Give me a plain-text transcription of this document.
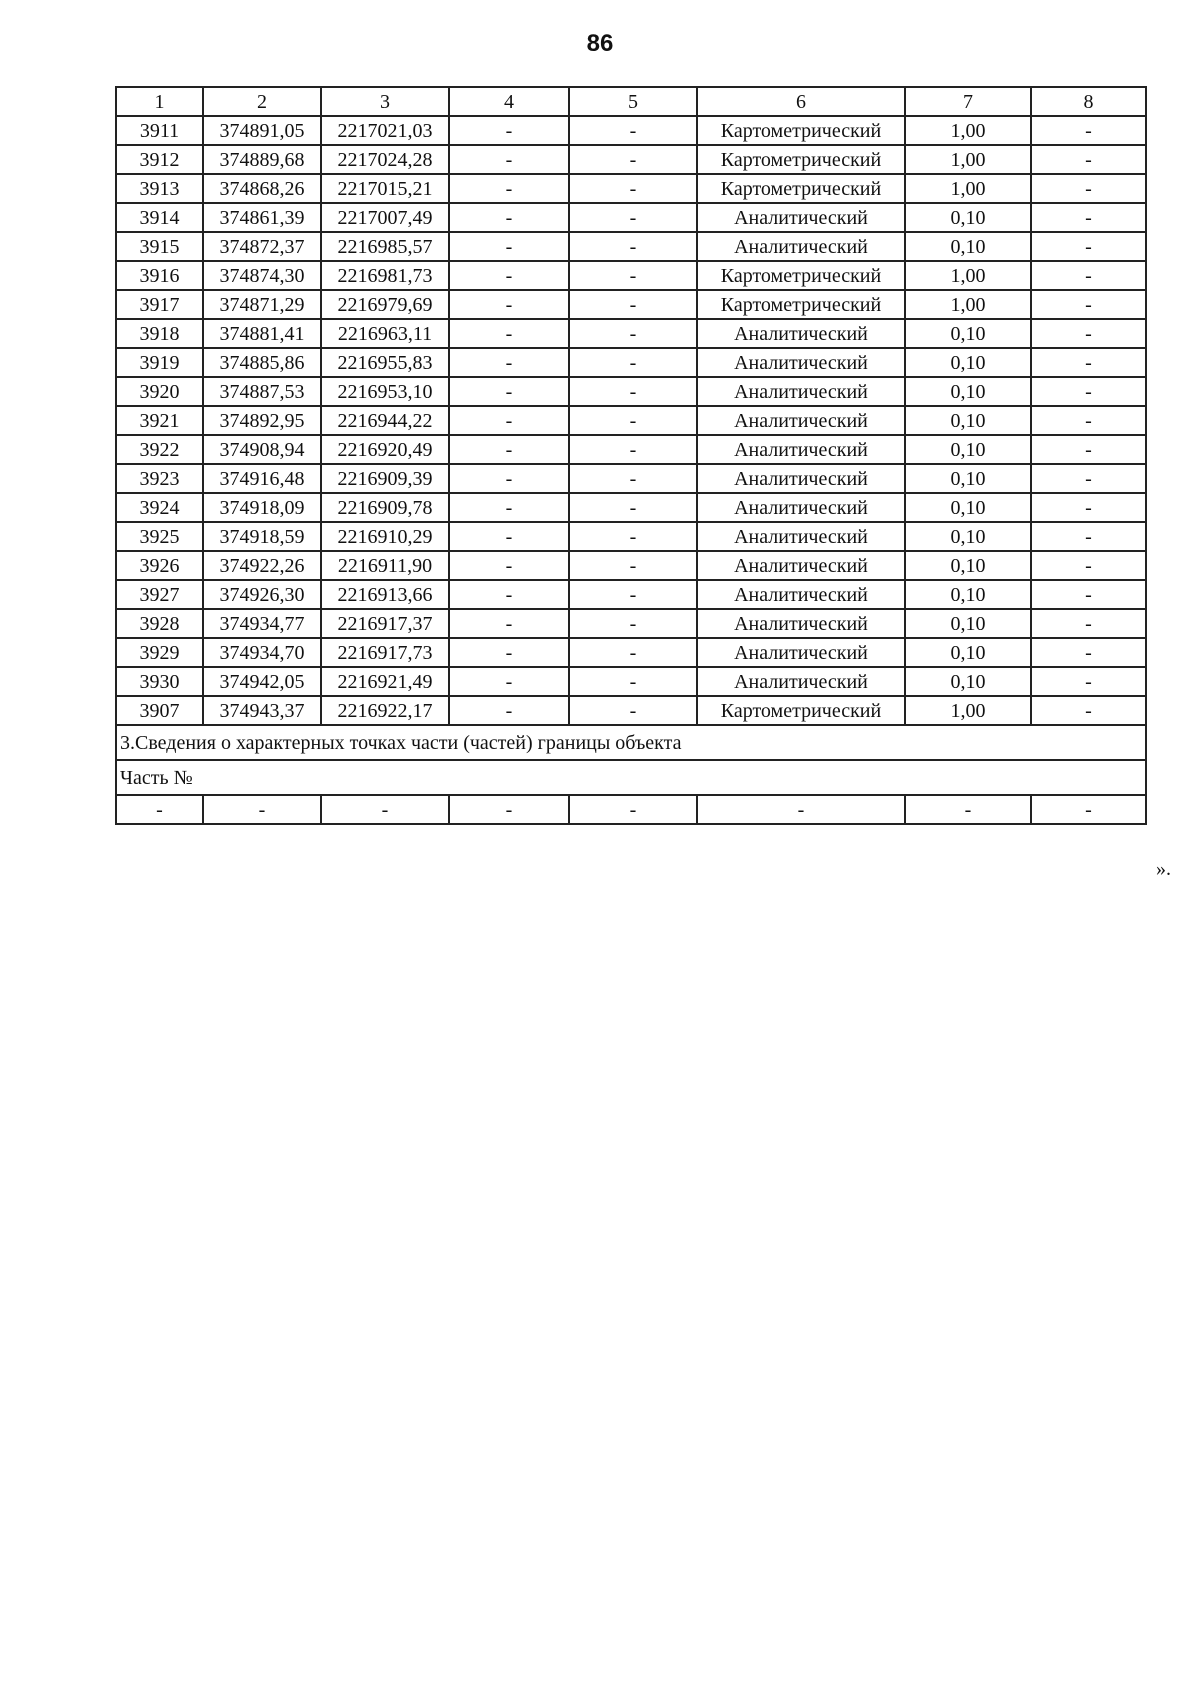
86
1	2	3	4	5	6	7	8
3911	374891,05	2217021,03	-	-	Картометрический	1,00	-
3912	374889,68	2217024,28	-	-	Картометрический	1,00	-
3913	374868,26	2217015,21	-	-	Картометрический	1,00	-
3914	374861,39	2217007,49	-	-	Аналитический	0,10	-
3915	374872,37	2216985,57	-	-	Аналитический	0,10	-
3916	374874,30	2216981,73	-	-	Картометрический	1,00	-
3917	374871,29	2216979,69	-	-	Картометрический	1,00	-
3918	374881,41	2216963,11	-	-	Аналитический	0,10	-
3919	374885,86	2216955,83	-	-	Аналитический	0,10	-
3920	374887,53	2216953,10	-	-	Аналитический	0,10	-
3921	374892,95	2216944,22	-	-	Аналитический	0,10	-
3922	374908,94	2216920,49	-	-	Аналитический	0,10	-
3923	374916,48	2216909,39	-	-	Аналитический	0,10	-
3924	374918,09	2216909,78	-	-	Аналитический	0,10	-
3925	374918,59	2216910,29	-	-	Аналитический	0,10	-
3926	374922,26	2216911,90	-	-	Аналитический	0,10	-
3927	374926,30	2216913,66	-	-	Аналитический	0,10	-
3928	374934,77	2216917,37	-	-	Аналитический	0,10	-
3929	374934,70	2216917,73	-	-	Аналитический	0,10	-
3930	374942,05	2216921,49	-	-	Аналитический	0,10	-
3907	374943,37	2216922,17	-	-	Картометрический	1,00	-
3.Сведения о характерных точках части (частей) границы объекта							
Часть №							
-	-	-	-	-	-	-	-
».
